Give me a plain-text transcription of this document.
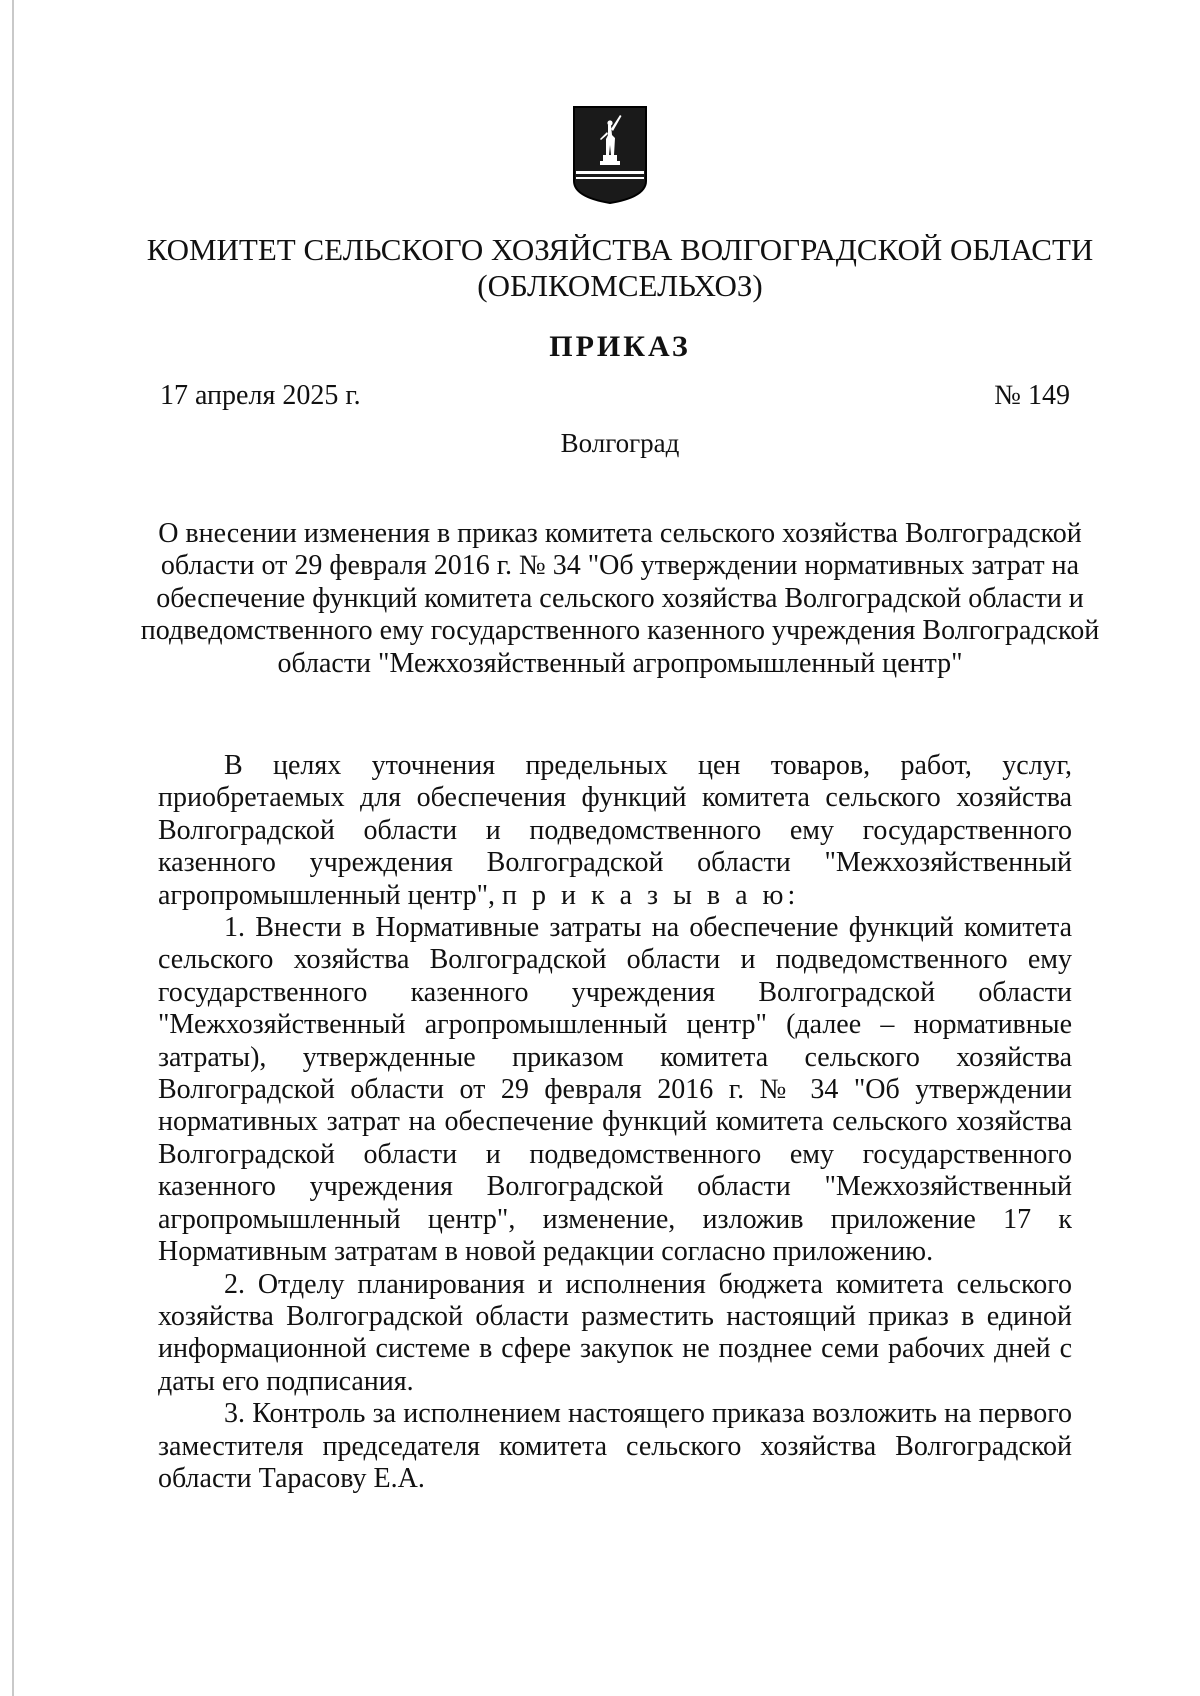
КОМИТЕТ СЕЛЬСКОГО ХОЗЯЙСТВА ВОЛГОГРАДСКОЙ ОБЛАСТИ
(ОБЛКОМСЕЛЬХОЗ)
ПРИКАЗ
17 апреля 2025 г.	№ 149
Волгоград
О внесении изменения в приказ комитета сельского хозяйства Волгоградской области от 29 февраля 2016 г. № 34 "Об утверждении нормативных затрат на обеспечение функций комитета сельского хозяйства Волгоградской области и подведомственного ему государственного казенного учреждения Волгоградской области "Межхозяйственный агропромышленный центр"

В целях уточнения предельных цен товаров, работ, услуг, приобретаемых для обеспечения функций комитета сельского хозяйства Волгоградской области и подведомственного ему государственного казенного учреждения Волгоградской области "Межхозяйственный агропромышленный центр", п р и к а з ы в а ю:

1. Внести в Нормативные затраты на обеспечение функций комитета сельского хозяйства Волгоградской области и подведомственного ему государственного казенного учреждения Волгоградской области "Межхозяйственный агропромышленный центр" (далее – нормативные затраты), утвержденные приказом комитета сельского хозяйства Волгоградской области от 29 февраля 2016 г. № 34 "Об утверждении нормативных затрат на обеспечение функций комитета сельского хозяйства Волгоградской области и подведомственного ему государственного казенного учреждения Волгоградской области "Межхозяйственный агропромышленный центр", изменение, изложив приложение 17 к Нормативным затратам в новой редакции согласно приложению.

2. Отделу планирования и исполнения бюджета комитета сельского хозяйства Волгоградской области разместить настоящий приказ в единой информационной системе в сфере закупок не позднее семи рабочих дней с даты его подписания.

3. Контроль за исполнением настоящего приказа возложить на первого заместителя председателя комитета сельского хозяйства Волгоградской области Тарасову Е.А.
